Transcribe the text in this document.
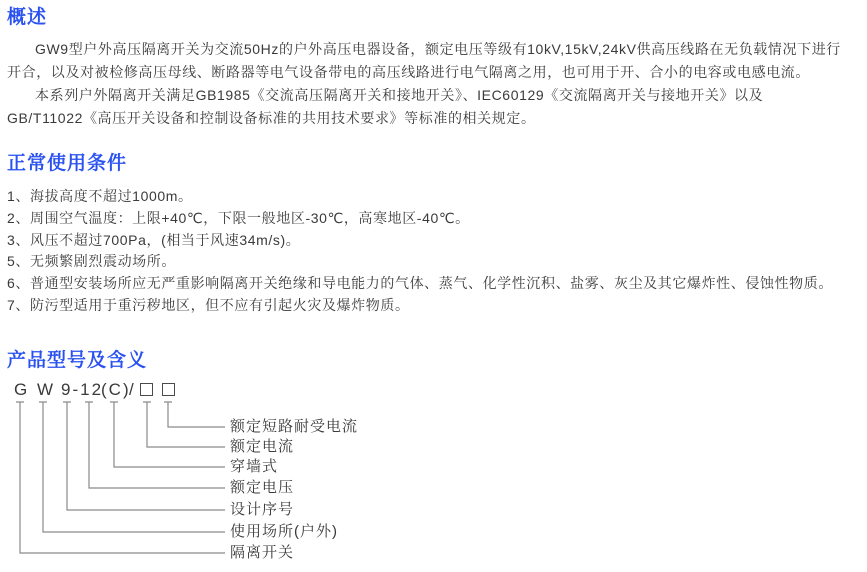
概述
GW9型户外高压隔离开关为交流50Hz的户外高压电器设备，额定电压等级有10kV,15kV,24kV供高压线路在无负载情况下进行
开合，以及对被检修高压母线、断路器等电气设备带电的高压线路进行电气隔离之用，也可用于开、合小的电容或电感电流。
本系列户外隔离开关满足GB1985《交流高压隔离开关和接地开关》、IEC60129《交流隔离开关与接地开关》以及
GB/T11022《高压开关设备和控制设备标准的共用技术要求》等标准的相关规定。
正常使用条件
1、海拔高度不超过1000m。
2、周围空气温度：上限+40℃，下限一般地区-30℃，高寒地区-40℃。
3、风压不超过700Pa，(相当于风速34m/s)。
5、无频繁剧烈震动场所。
6、普通型安装场所应无严重影响隔离开关绝缘和导电能力的气体、蒸气、化学性沉积、盐雾、灰尘及其它爆炸性、侵蚀性物质。
7、防污型适用于重污秽地区，但不应有引起火灾及爆炸物质。
产品型号及含义
G W 9-12
(C)
/
额定短路耐受电流
额定电流
穿墙式
额定电压
设计序号
使用场所(户外)
隔离开关
